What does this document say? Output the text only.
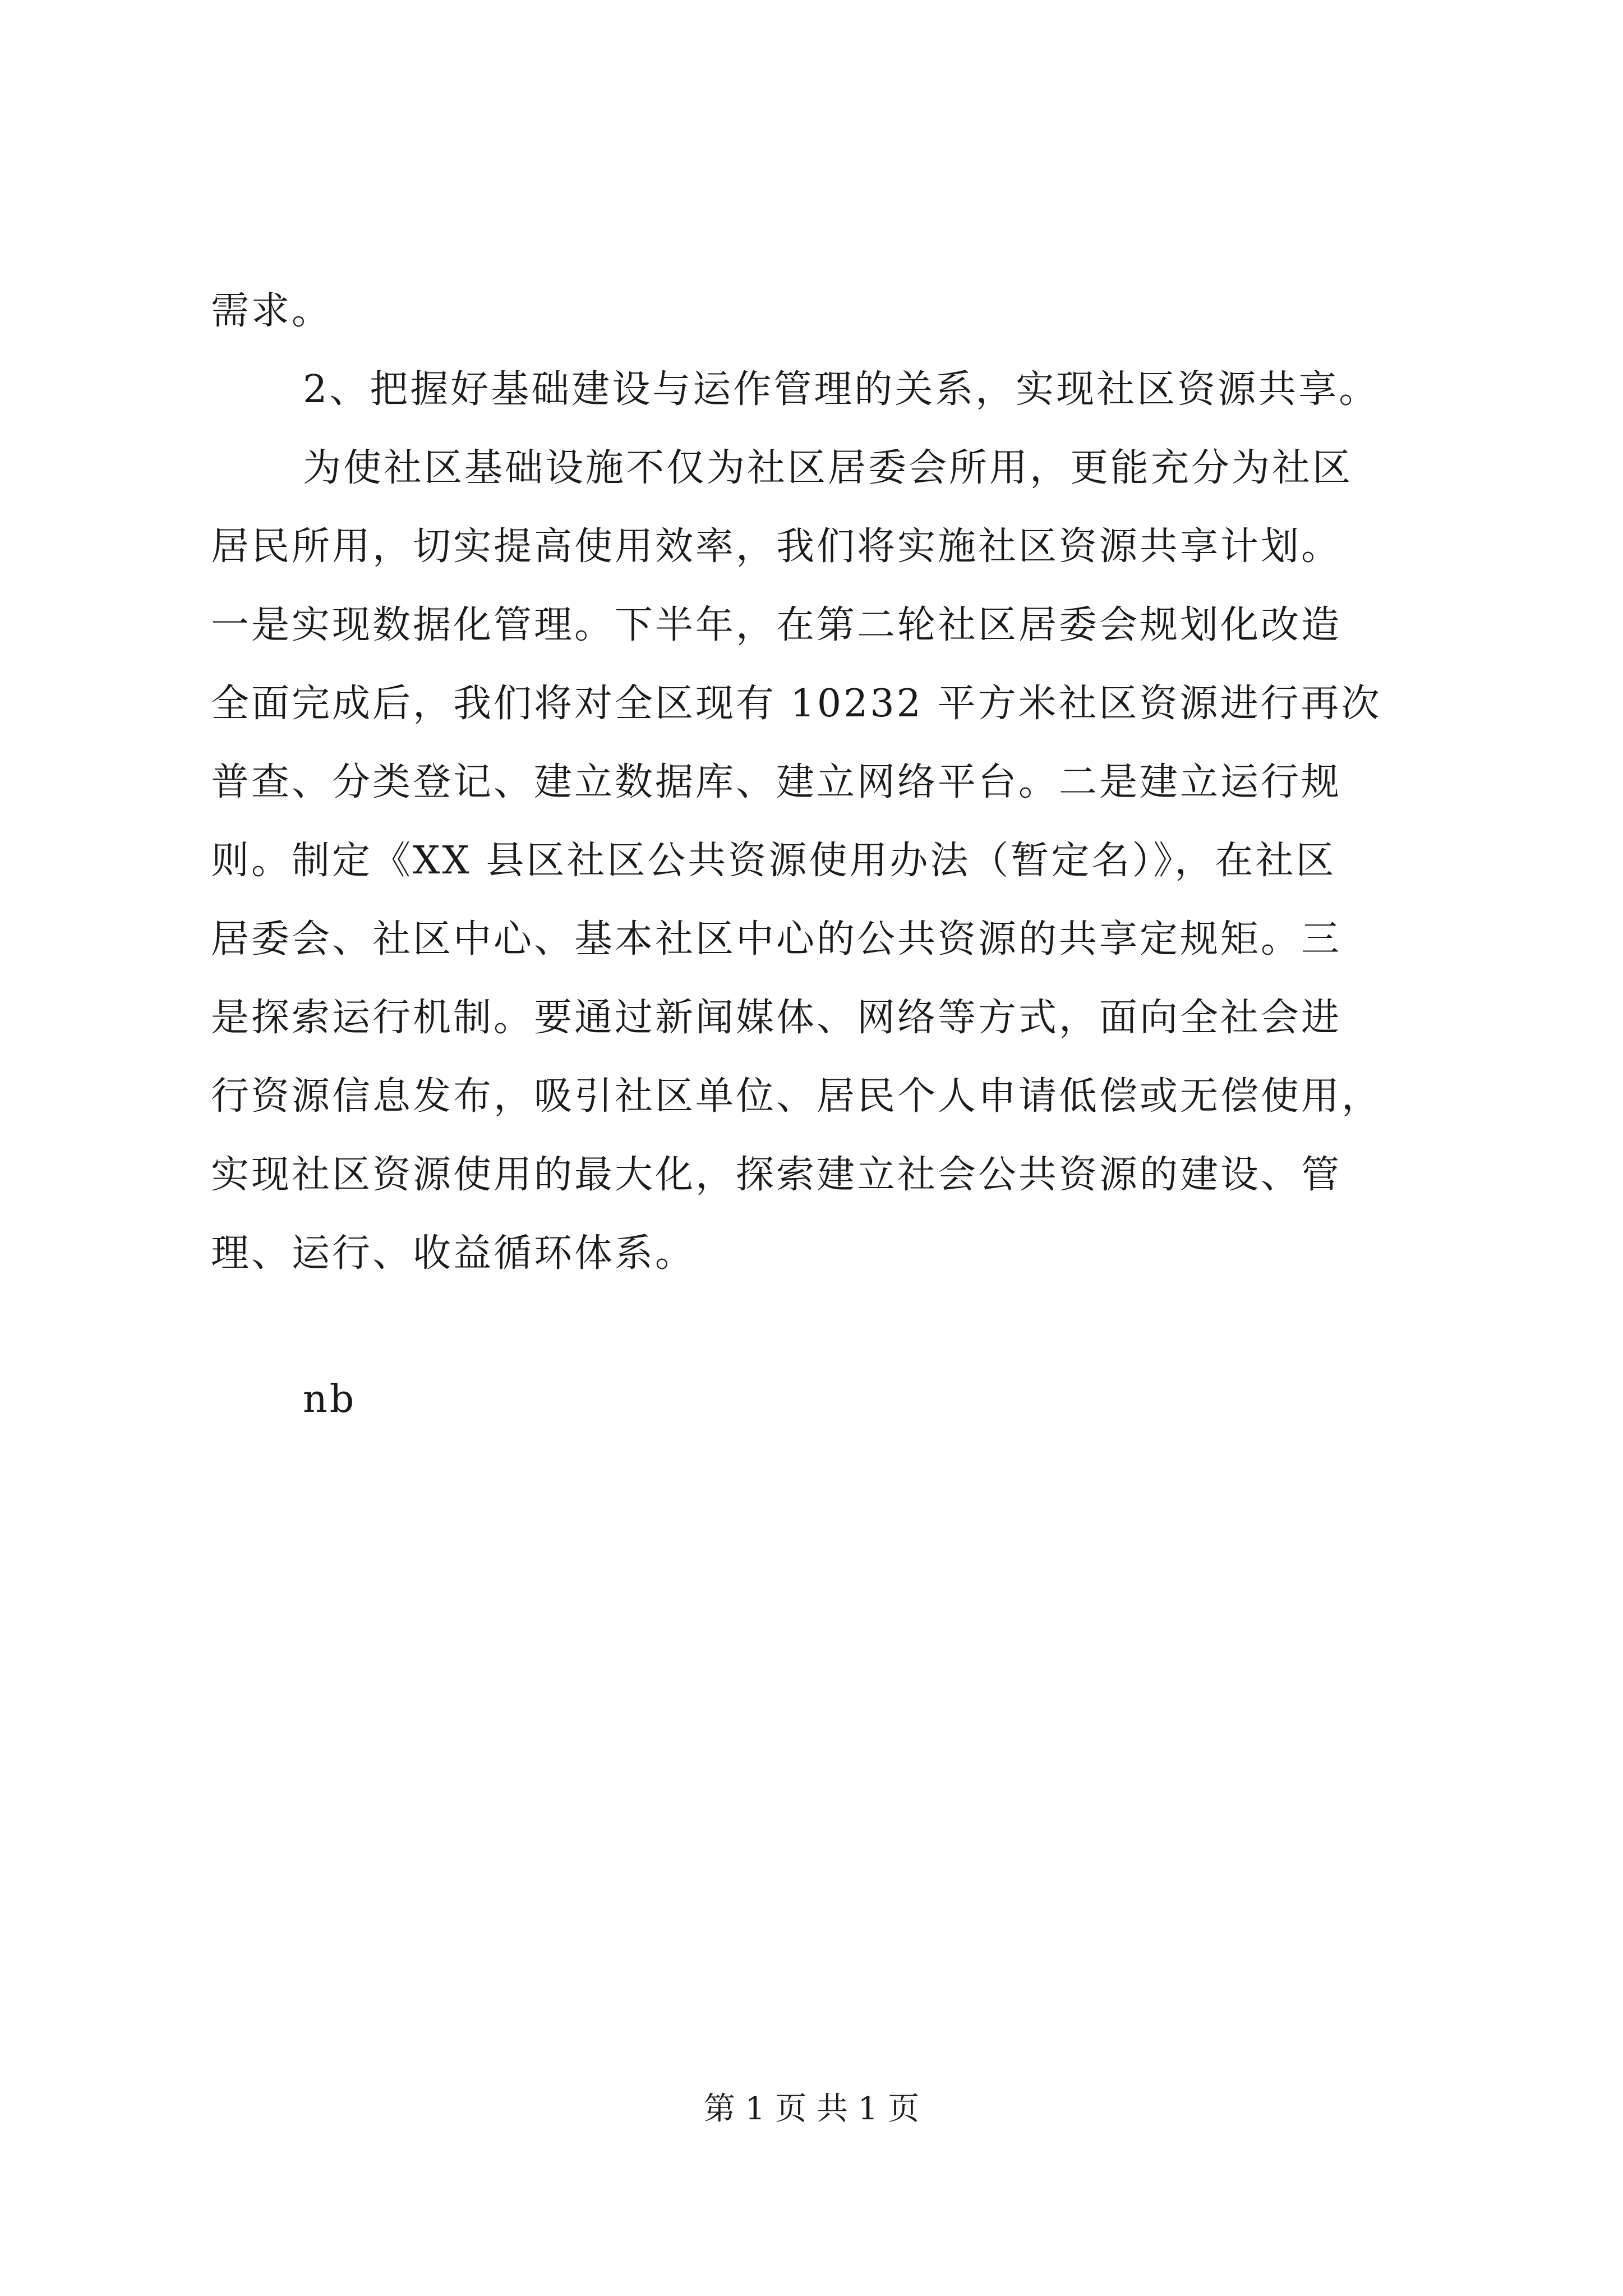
需求。
2、把握好基础建设与运作管理的关系，实现社区资源共享。
为使社区基础设施不仅为社区居委会所用，更能充分为社区
居民所用，切实提高使用效率，我们将实施社区资源共享计划。
一是实现数据化管理。下半年，在第二轮社区居委会规划化改造
全面完成后，我们将对全区现有 10232 平方米社区资源进行再次
普查、分类登记、建立数据库、建立网络平台。二是建立运行规
则。制定《XX 县区社区公共资源使用办法（暂定名）》，在社区
居委会、社区中心、基本社区中心的公共资源的共享定规矩。三
是探索运行机制。要通过新闻媒体、网络等方式，面向全社会进
行资源信息发布，吸引社区单位、居民个人申请低偿或无偿使用，
实现社区资源使用的最大化，探索建立社会公共资源的建设、管
理、运行、收益循环体系。
nb
第 1 页 共 1 页
